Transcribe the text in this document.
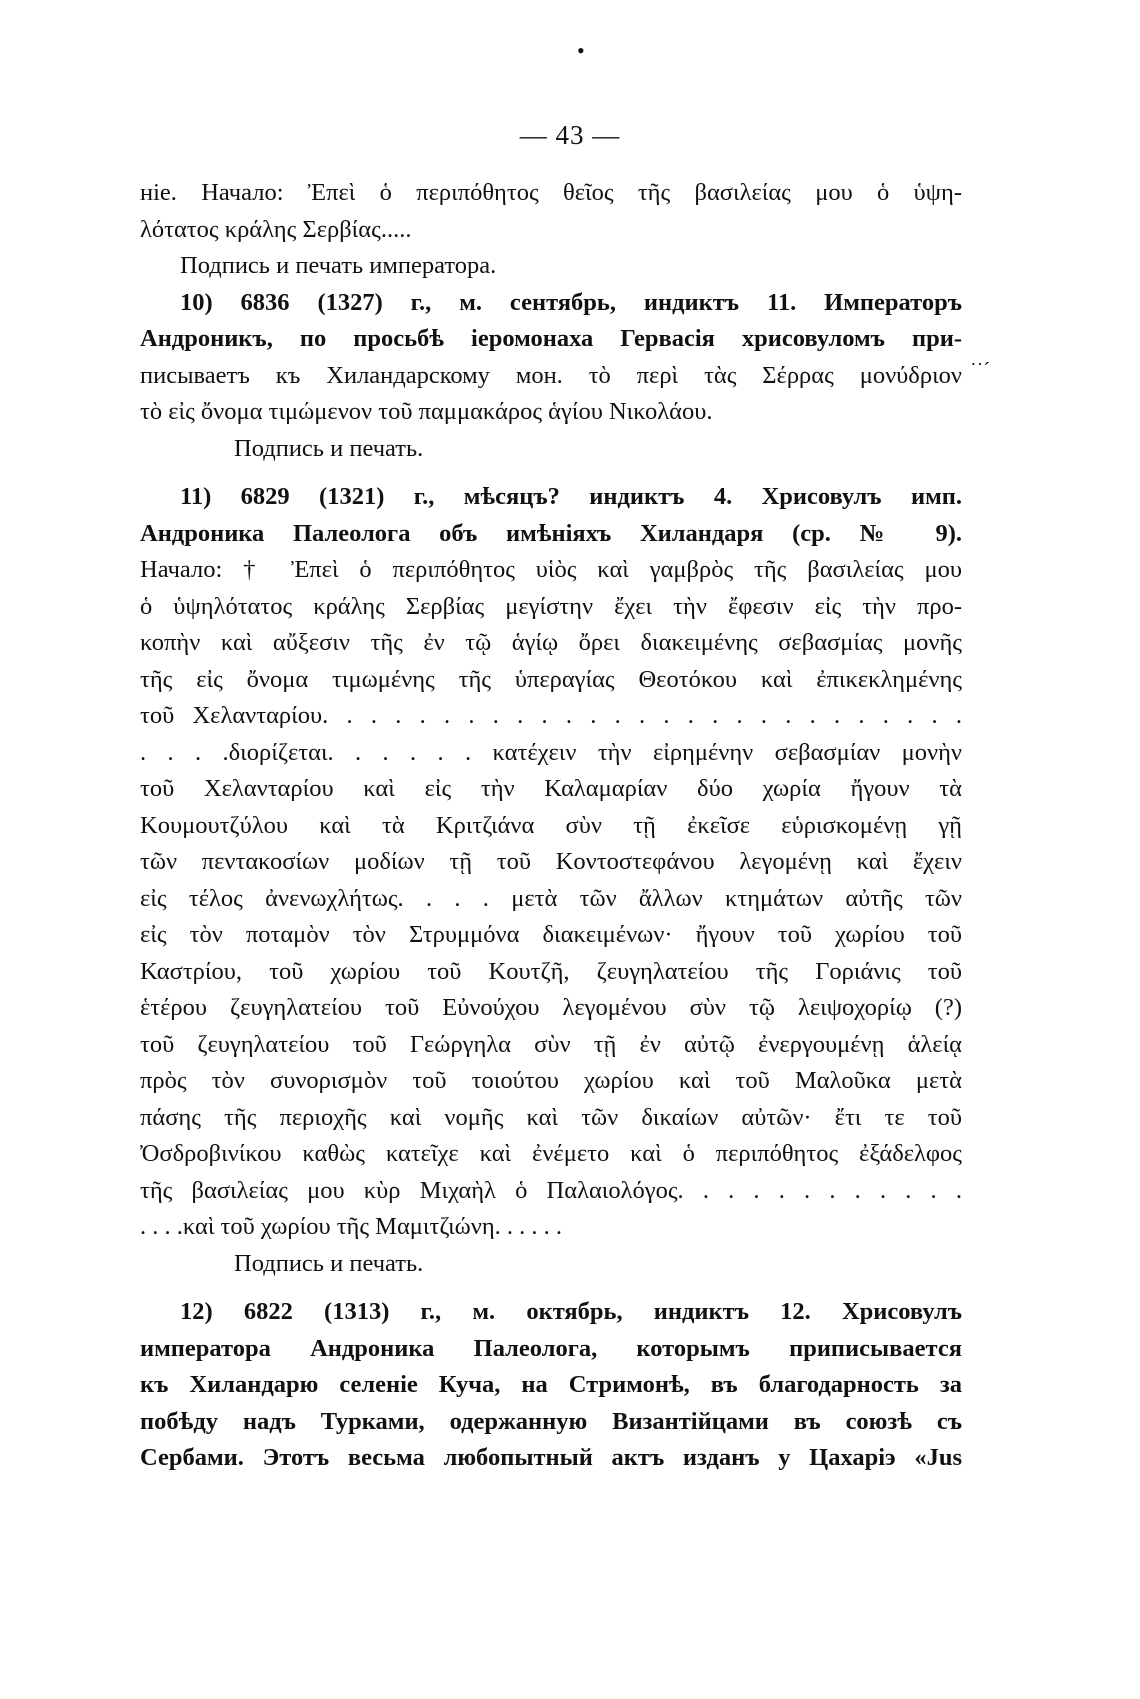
•
— 43 —
˙˙ˊ
ніе. Начало: Ἐπεὶ ὁ περιπόθητος θεῖος τῆς βασιλείας μου ὁ ὑψη-
λότατος κράλης Σερβίας.....
Подпись и печать императора.
10) 6836 (1327) г., м. сентябрь, индиктъ 11. Императоръ
Андроникъ, по просьбѣ іеромонаха Гервасія хрисовуломъ при-
писываетъ къ Хиландарскому мон. τὸ περὶ τὰς Σέρρας μονύδριον
τὸ εἰς ὄνομα τιμώμενον τοῦ παμμακάρος ἁγίου Νικολάου.
Подпись и печать.
11) 6829 (1321) г., мѣсяцъ? индиктъ 4. Хрисовулъ имп.
Андроника Палеолога объ имѣніяхъ Хиландаря (ср. № 9).
Начало: † Ἐπεὶ ὁ περιπόθητος υἱὸς καὶ γαμβρὸς τῆς βασιλείας μου
ὁ ὑψηλότατος κράλης Σερβίας μεγίστην ἔχει τὴν ἔφεσιν εἰς τὴν προ-
κοπὴν καὶ αὔξεσιν τῆς ἐν τῷ ἁγίῳ ὄρει διακειμένης σεβασμίας μονῆς
τῆς εἰς ὄνομα τιμωμένης τῆς ὑπεραγίας Θεοτόκου καὶ ἐπικεκλημένης
τοῦ Χελανταρίου. . . . . . . . . . . . . . . . . . . . . . . . . . .
. . . .διορίζεται. . . . . . κατέχειν τὴν εἰρημένην σεβασμίαν μονὴν
τοῦ Χελανταρίου καὶ εἰς τὴν Καλαμαρίαν δύο χωρία ἤγουν τὰ
Κουμουτζύλου καὶ τὰ Κριτζιάνα σὺν τῇ ἐκεῖσε εὑρισκομένῃ γῇ
τῶν πεντακοσίων μοδίων τῇ τοῦ Κοντοστεφάνου λεγομένῃ καὶ ἔχειν
εἰς τέλος ἀνενωχλήτως. . . . μετὰ τῶν ἄλλων κτημάτων αὐτῆς τῶν
εἰς τὸν ποταμὸν τὸν Στρυμμόνα διακειμένων· ἤγουν τοῦ χωρίου τοῦ
Καστρίου, τοῦ χωρίου τοῦ Κουτζῆ, ζευγηλατείου τῆς Γοριάνις τοῦ
ἑτέρου ζευγηλατείου τοῦ Εὐνούχου λεγομένου σὺν τῷ λειψοχορίῳ (?)
τοῦ ζευγηλατείου τοῦ Γεώργηλα σὺν τῇ ἐν αὐτῷ ἐνεργουμένῃ ἁλείᾳ
πρὸς τὸν συνορισμὸν τοῦ τοιούτου χωρίου καὶ τοῦ Μαλοῦκα μετὰ
πάσης τῆς περιοχῆς καὶ νομῆς καὶ τῶν δικαίων αὐτῶν· ἔτι τε τοῦ
Ὀσδροβινίκου καθὼς κατεῖχε καὶ ἐνέμετο καὶ ὁ περιπόθητος ἐξάδελφος
τῆς βασιλείας μου κὺρ Μιχαὴλ ὁ Παλαιολόγος. . . . . . . . . . . .
. . . .καὶ τοῦ χωρίου τῆς Μαμιτζιώνη. . . . . .
Подпись и печать.
12) 6822 (1313) г., м. октябрь, индиктъ 12. Хрисовулъ
императора Андроника Палеолога, которымъ приписывается
къ Хиландарю селеніе Куча, на Стримонѣ, въ благодарность за
побѣду надъ Турками, одержанную Византійцами въ союзѣ съ
Сербами. Этотъ весьма любопытный актъ изданъ у Цахаріэ «Jus
